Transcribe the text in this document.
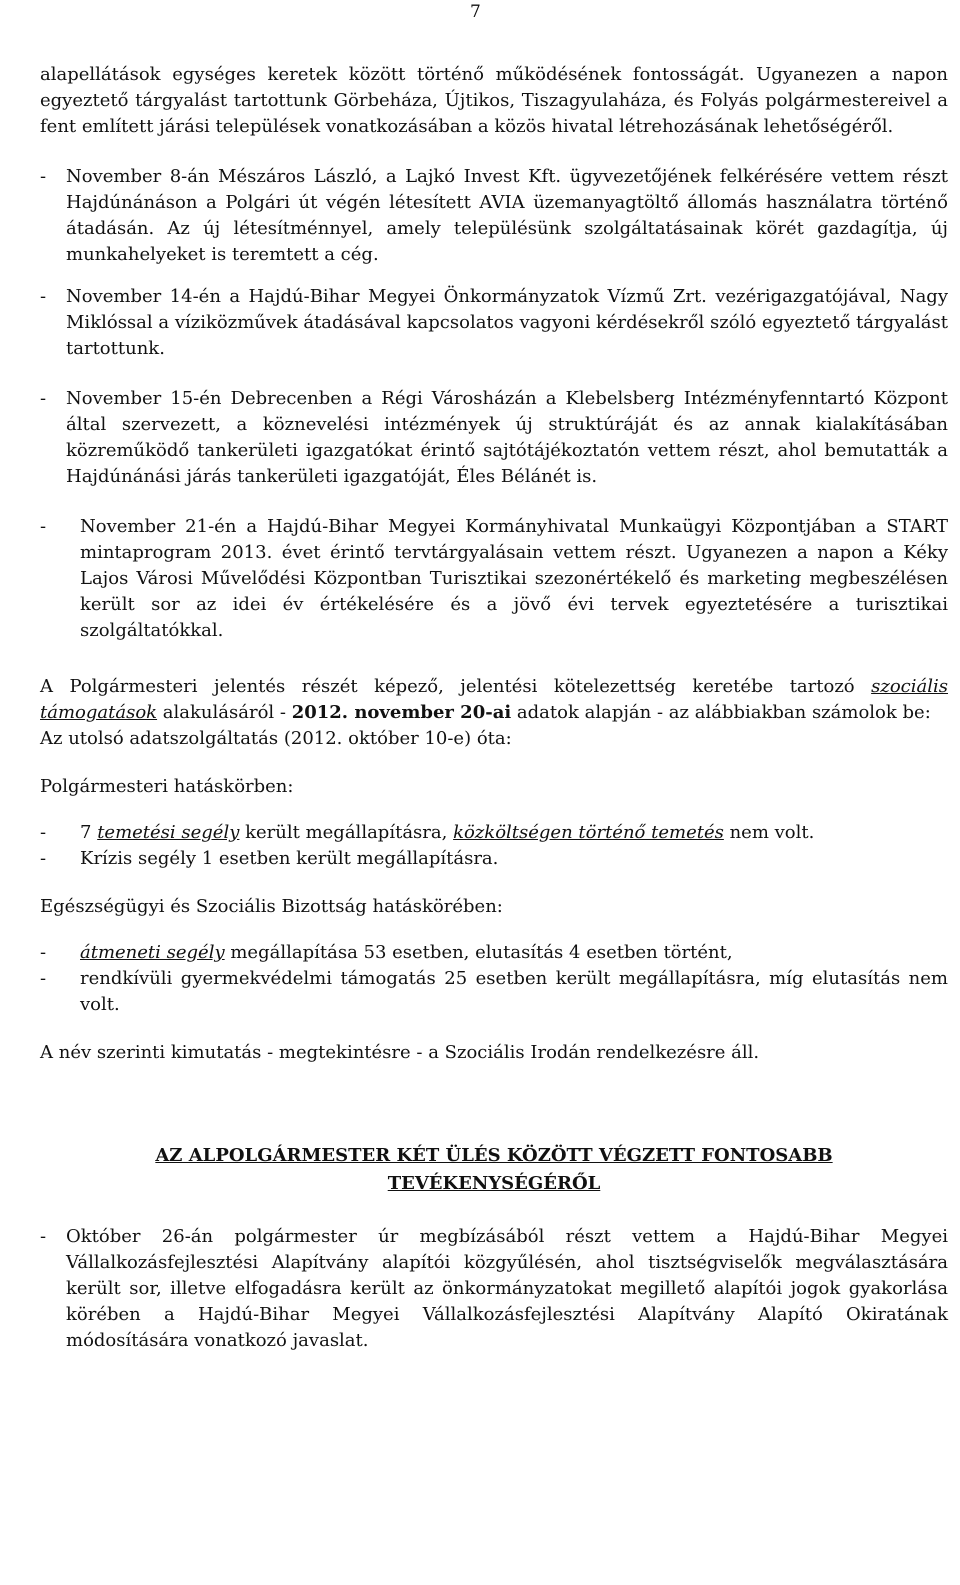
7

alapellátások egységes keretek között történő működésének fontosságát. Ugyanezen a napon egyeztető tárgyalást tartottunk Görbeháza, Újtikos, Tiszagyulaháza, és Folyás polgármestereivel a fent említett járási települések vonatkozásában a közös hivatal létrehozásának lehetőségéről.

-	November 8-án Mészáros László, a Lajkó Invest Kft. ügyvezetőjének felkérésére vettem részt Hajdúnánáson a Polgári út végén létesített AVIA üzemanyagtöltő állomás használatra történő átadásán. Az új létesítménnyel, amely településünk szolgáltatásainak körét gazdagítja, új munkahelyeket is teremtett a cég.
-	November 14-én a Hajdú-Bihar Megyei Önkormányzatok Vízmű Zrt. vezérigazgatójával, Nagy Miklóssal a víziközművek átadásával kapcsolatos vagyoni kérdésekről szóló egyeztető tárgyalást tartottunk.
-	November 15-én Debrecenben a Régi Városházán a Klebelsberg Intézményfenntartó Központ által szervezett, a köznevelési intézmények új struktúráját és az annak kialakításában közreműködő tankerületi igazgatókat érintő sajtótájékoztatón vettem részt, ahol bemutatták a Hajdúnánási járás tankerületi igazgatóját, Éles Bélánét is.
-	November 21-én a Hajdú-Bihar Megyei Kormányhivatal Munkaügyi Központjában a START mintaprogram 2013. évet érintő tervtárgyalásain vettem részt. Ugyanezen a napon a Kéky Lajos Városi Művelődési Központban Turisztikai szezonértékelő és marketing megbeszélésen került sor az idei év értékelésére és a jövő évi tervek egyeztetésére a turisztikai szolgáltatókkal.

A Polgármesteri jelentés részét képező, jelentési kötelezettség keretébe tartozó szociális támogatások alakulásáról - 2012. november 20-ai adatok alapján - az alábbiakban számolok be:

Az utolsó adatszolgáltatás (2012. október 10-e) óta:

Polgármesteri hatáskörben:

-	7 temetési segély került megállapításra, közköltségen történő temetés nem volt.
-	Krízis segély 1 esetben került megállapításra.

Egészségügyi és Szociális Bizottság hatáskörében:

-	átmeneti segély megállapítása 53 esetben, elutasítás 4 esetben történt,
-	rendkívüli gyermekvédelmi támogatás 25 esetben került megállapításra, míg elutasítás nem volt.

A név szerinti kimutatás - megtekintésre - a Szociális Irodán rendelkezésre áll.

AZ ALPOLGÁRMESTER KÉT ÜLÉS KÖZÖTT VÉGZETT FONTOSABB

TEVÉKENYSÉGÉRŐL

-	Október 26-án polgármester úr megbízásából részt vettem a Hajdú-Bihar Megyei Vállalkozásfejlesztési Alapítvány alapítói közgyűlésén, ahol tisztségviselők megválasztására került sor, illetve elfogadásra került az önkormányzatokat megillető alapítói jogok gyakorlása körében a Hajdú-Bihar Megyei Vállalkozásfejlesztési Alapítvány Alapító Okiratának módosítására vonatkozó javaslat.
